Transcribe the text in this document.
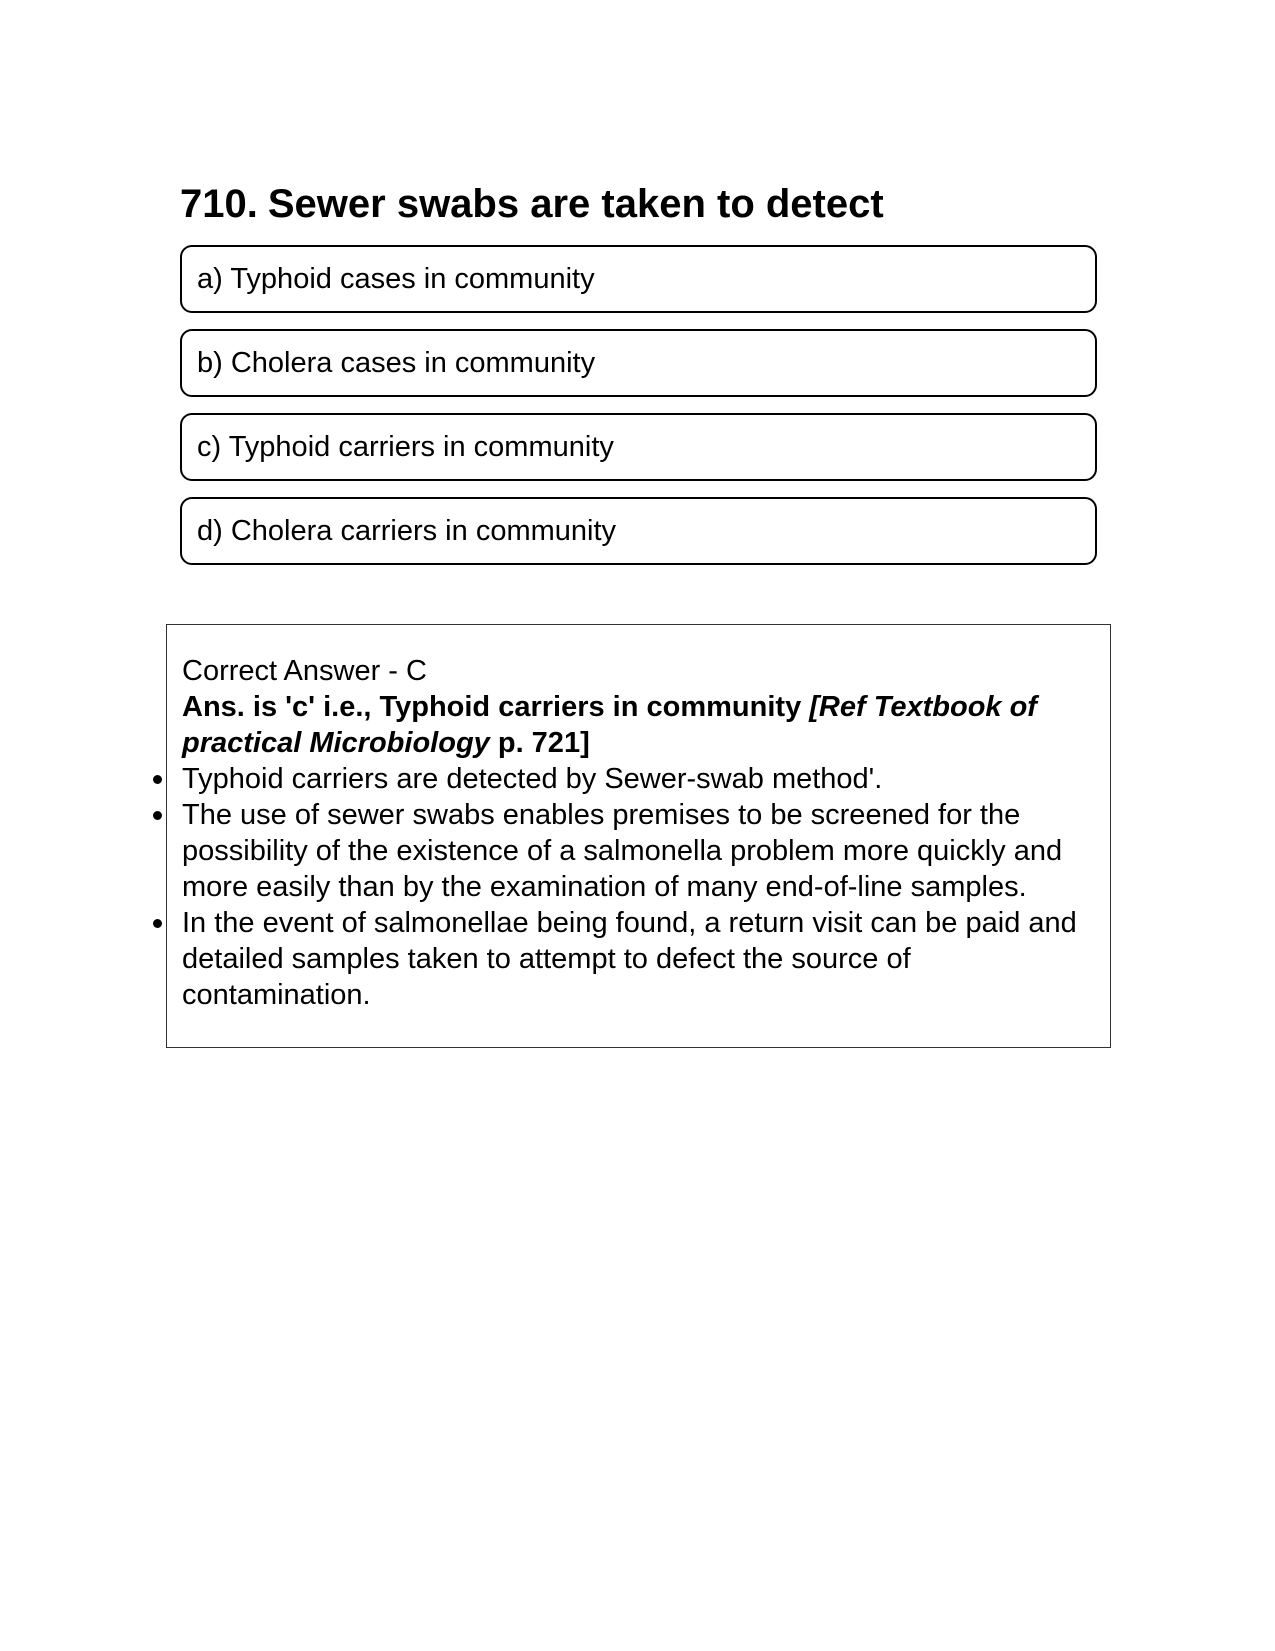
710. Sewer swabs are taken to detect
a) Typhoid cases in community
b) Cholera cases in community
c) Typhoid carriers in community
d) Cholera carriers in community

Correct Answer - C

Ans. is 'c' i.e., Typhoid carriers in community [Ref Textbook of practical Microbiology p. 721]

Typhoid carriers are detected by Sewer-swab method'.
The use of sewer swabs enables premises to be screened for the possibility of the existence of a salmonella problem more quickly and more easily than by the examination of many end-of-line samples.
In the event of salmonellae being found, a return visit can be paid and detailed samples taken to attempt to defect the source of contamination.
